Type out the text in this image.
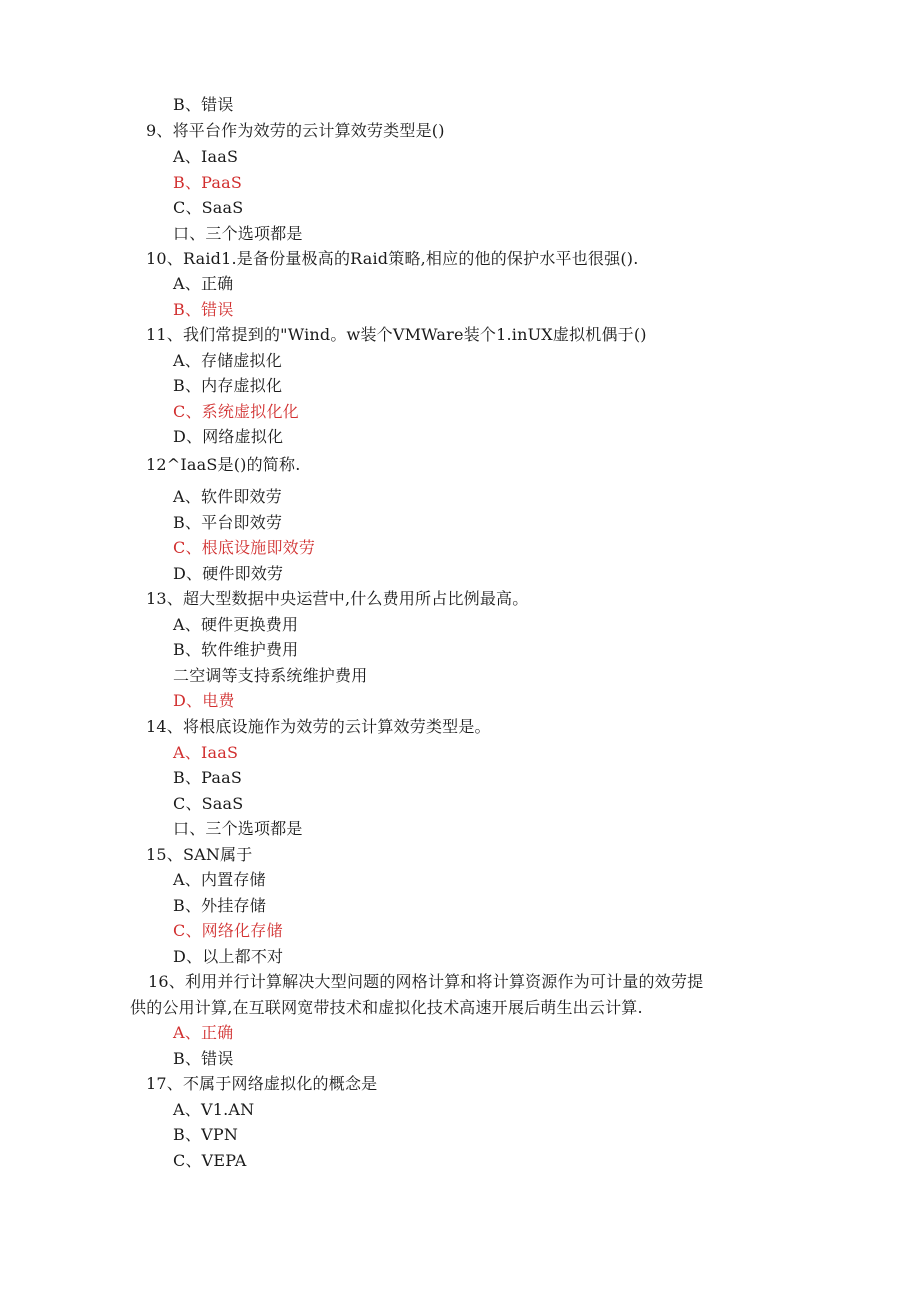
B、错误
9、将平台作为效劳的云计算效劳类型是()
A、IaaS
B、PaaS
C、SaaS
口、三个选项都是
10、Raid1.是备份量极高的Raid策略,相应的他的保护水平也很强().
A、正确
B、错误
11、我们常提到的"Wind。w装个VMWare装个1.inUX虚拟机偶于()
A、存储虚拟化
B、内存虚拟化
C、系统虚拟化化
D、网络虚拟化
12^IaaS是()的简称.
A、软件即效劳
B、平台即效劳
C、根底设施即效劳
D、硬件即效劳
13、超大型数据中央运营中,什么费用所占比例最高。
A、硬件更换费用
B、软件维护费用
二空调等支持系统维护费用
D、电费
14、将根底设施作为效劳的云计算效劳类型是。
A、IaaS
B、PaaS
C、SaaS
口、三个选项都是
15、SAN属于
A、内置存储
B、外挂存储
C、网络化存储
D、以上都不对
16、利用并行计算解决大型问题的网格计算和将计算资源作为可计量的效劳提
供的公用计算,在互联网宽带技术和虚拟化技术高速开展后萌生出云计算.
A、正确
B、错误
17、不属于网络虚拟化的概念是
A、V1.AN
B、VPN
C、VEPA
